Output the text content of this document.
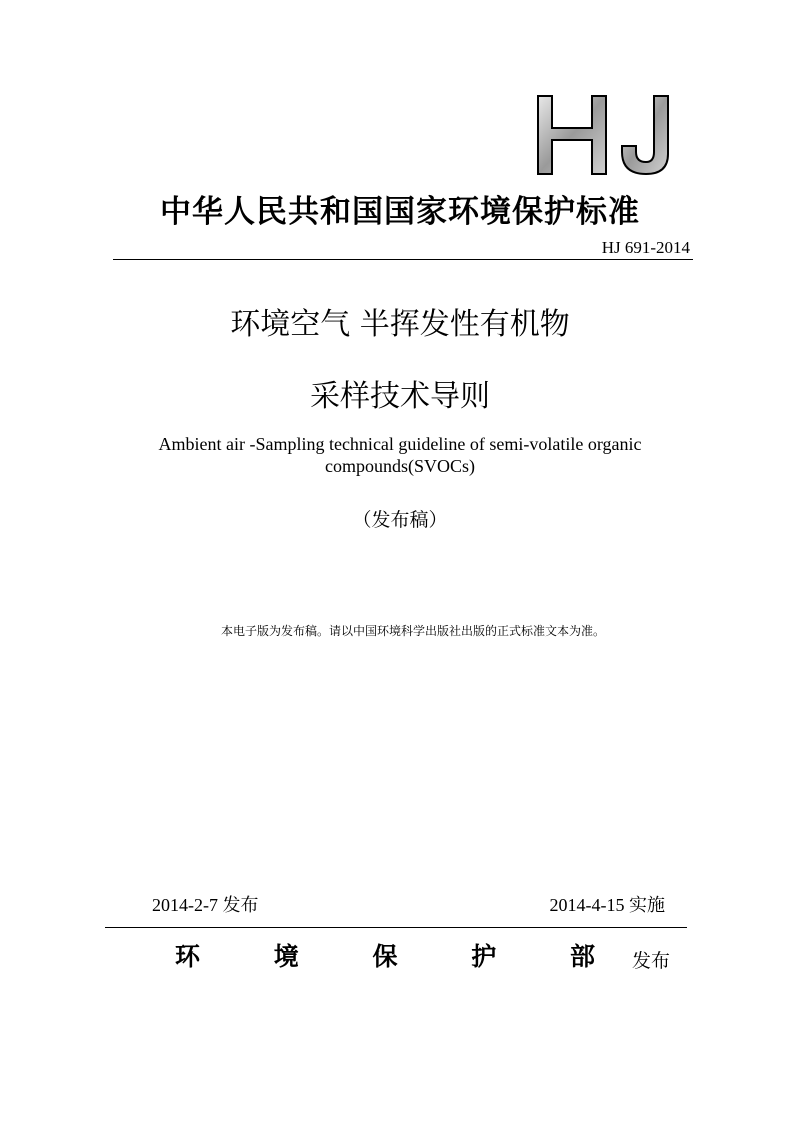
中华人民共和国国家环境保护标准
HJ 691-2014
环境空气 半挥发性有机物
采样技术导则
Ambient air -Sampling technical guideline of semi-volatile organic
compounds(SVOCs)
（发布稿）
本电子版为发布稿。请以中国环境科学出版社出版的正式标准文本为准。
2014-2-7 发布	2014-4-15 实施
环	境	保	护	部 发布
